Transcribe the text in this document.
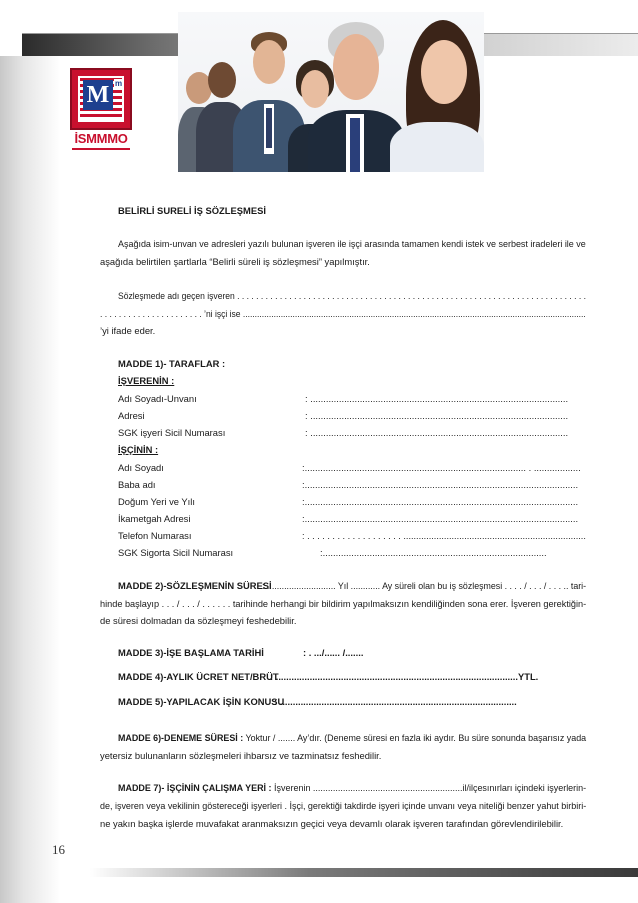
M m
İSMMMO
BELİRLİ SURELİ İŞ SÖZLEŞMESİ
Aşağıda isim-unvan ve adresleri yazılı bulunan işveren ile işçi arasında tamamen kendi istek ve serbest iradeleri ile ve
aşağıda belirtilen şartlarla “Belirli süreli iş sözleşmesi” yapılmıştır.
Sözleşmede adı geçen işveren . . . . . . . . . . . . . . . . . . . . . . . . . . . . . . . . . . . . . . . . . . . . . . . . . . . . . . . . . . . . . . . . . . . . . . . . . .
. . . . . . . . . . . . . . . . . . . . . . ’ni işçi ise .................................................................................................................................................
’yi ifade eder.
MADDE 1)- TARAFLAR :
İŞVERENİN :
Adı Soyadı-Unvanı	: ...................................................................................................
Adresi	: ...................................................................................................
SGK işyeri Sicil Numarası	: ...................................................................................................
İŞÇİNİN :
Adı Soyadı	:..................................................................................... . ..................
Baba adı	:.........................................................................................................
Doğum Yeri ve Yılı	:.........................................................................................................
İkametgah Adresi	:.........................................................................................................
Telefon Numarası	: . . . . . . . . . . . . . . . . . . . ........................................................................
SGK Sigorta Sicil Numarası	:......................................................................................
MADDE 2)-SÖZLEŞMENİN SÜRESİ
: ............................ Yıl ............ Ay süreli olan bu iş sözleşmesi . . . . / . . . / . . . .. tari-
hinde başlayıp . . . / . . . / . . . . . . tarihinde herhangi bir bildirim yapılmaksızın kendiliğinden sona erer. İşveren gerektiğin-
de süresi dolmadan da sözleşmeyi feshedebilir.
MADDE 3)-İŞE BAŞLAMA TARİHİ	: . .../...... /.......
MADDE 4)-AYLIK ÜCRET NET/BRÜT
: .............................................................................................YTL.
MADDE 5)-YAPILACAK İŞİN KONUSU
: ...........................................................................................
MADDE 6)-DENEME SÜRESİ : Yoktur / ....... Ay’dır. (Deneme süresi en fazla iki aydır. Bu süre sonunda başarısız yada
yetersiz bulunanların sözleşmeleri ihbarsız ve tazminatsız feshedilir.
MADDE 7)- İŞÇİNİN ÇALIŞMA YERİ : İşverenin ............................................................il/ilçesınırları içindeki işyerlerin-
de, işveren veya vekilinin göstereceği işyerleri . İşçi, gerektiği takdirde işyeri içinde unvanı veya niteliği benzer yahut birbiri-
ne yakın başka işlerde muvafakat aranmaksızın geçici veya devamlı olarak işveren tarafından görevlendirilebilir.
16
